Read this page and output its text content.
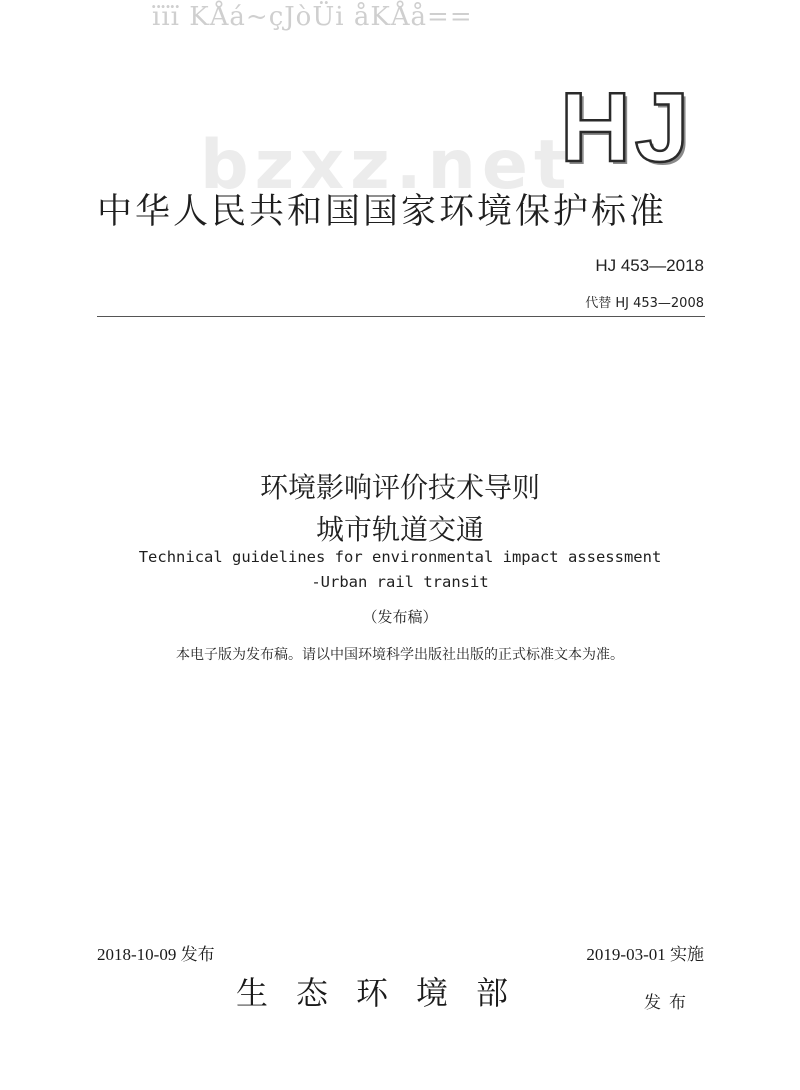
ïïï KÅá~çJòÜi åKÅå==
bzxz.net
HJ
中华人民共和国国家环境保护标准
HJ 453—2018
代替 HJ 453—2008
环境影响评价技术导则
城市轨道交通
Technical guidelines for environmental impact assessment
-Urban rail transit
（发布稿）
本电子版为发布稿。请以中国环境科学出版社出版的正式标准文本为准。
2018-10-09 发布	2019-03-01 实施
生态环境部	发布
